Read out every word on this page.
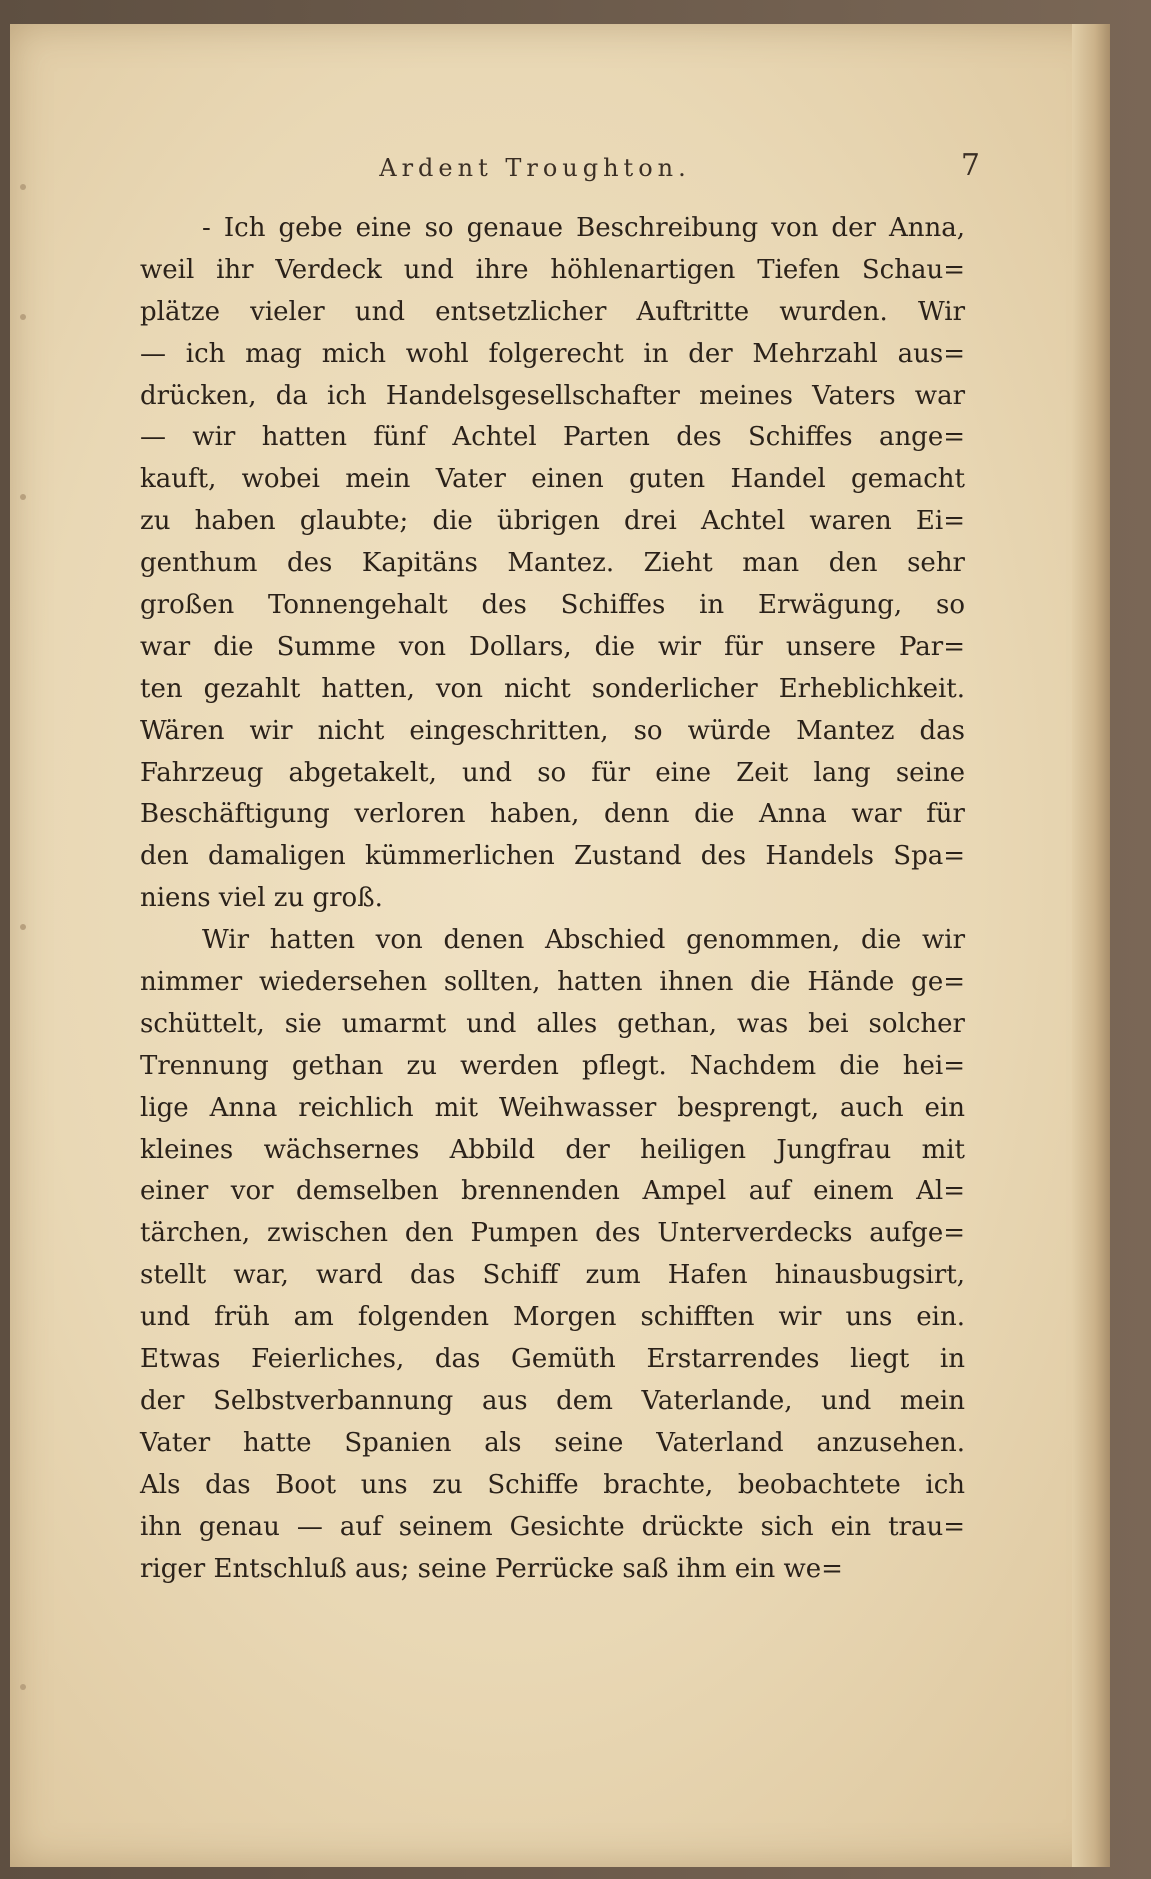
Ardent Troughton.	7
- Ich gebe eine so genaue Beschreibung von der Anna,
weil ihr Verdeck und ihre höhlenartigen Tiefen Schau=
plätze vieler und entsetzlicher Auftritte wurden. Wir
— ich mag mich wohl folgerecht in der Mehrzahl aus=
drücken, da ich Handelsgesellschafter meines Vaters war
— wir hatten fünf Achtel Parten des Schiffes ange=
kauft, wobei mein Vater einen guten Handel gemacht
zu haben glaubte; die übrigen drei Achtel waren Ei=
genthum des Kapitäns Mantez. Zieht man den sehr
großen Tonnengehalt des Schiffes in Erwägung, so
war die Summe von Dollars, die wir für unsere Par=
ten gezahlt hatten, von nicht sonderlicher Erheblichkeit.
Wären wir nicht eingeschritten, so würde Mantez das
Fahrzeug abgetakelt, und so für eine Zeit lang seine
Beschäftigung verloren haben, denn die Anna war für
den damaligen kümmerlichen Zustand des Handels Spa=
niens viel zu groß.
Wir hatten von denen Abschied genommen, die wir
nimmer wiedersehen sollten, hatten ihnen die Hände ge=
schüttelt, sie umarmt und alles gethan, was bei solcher
Trennung gethan zu werden pflegt. Nachdem die hei=
lige Anna reichlich mit Weihwasser besprengt, auch ein
kleines wächsernes Abbild der heiligen Jungfrau mit
einer vor demselben brennenden Ampel auf einem Al=
tärchen, zwischen den Pumpen des Unterverdecks aufge=
stellt war, ward das Schiff zum Hafen hinausbugsirt,
und früh am folgenden Morgen schifften wir uns ein.
Etwas Feierliches, das Gemüth Erstarrendes liegt in
der Selbstverbannung aus dem Vaterlande, und mein
Vater hatte Spanien als seine Vaterland anzusehen.
Als das Boot uns zu Schiffe brachte, beobachtete ich
ihn genau — auf seinem Gesichte drückte sich ein trau=
riger Entschluß aus; seine Perrücke saß ihm ein we=
